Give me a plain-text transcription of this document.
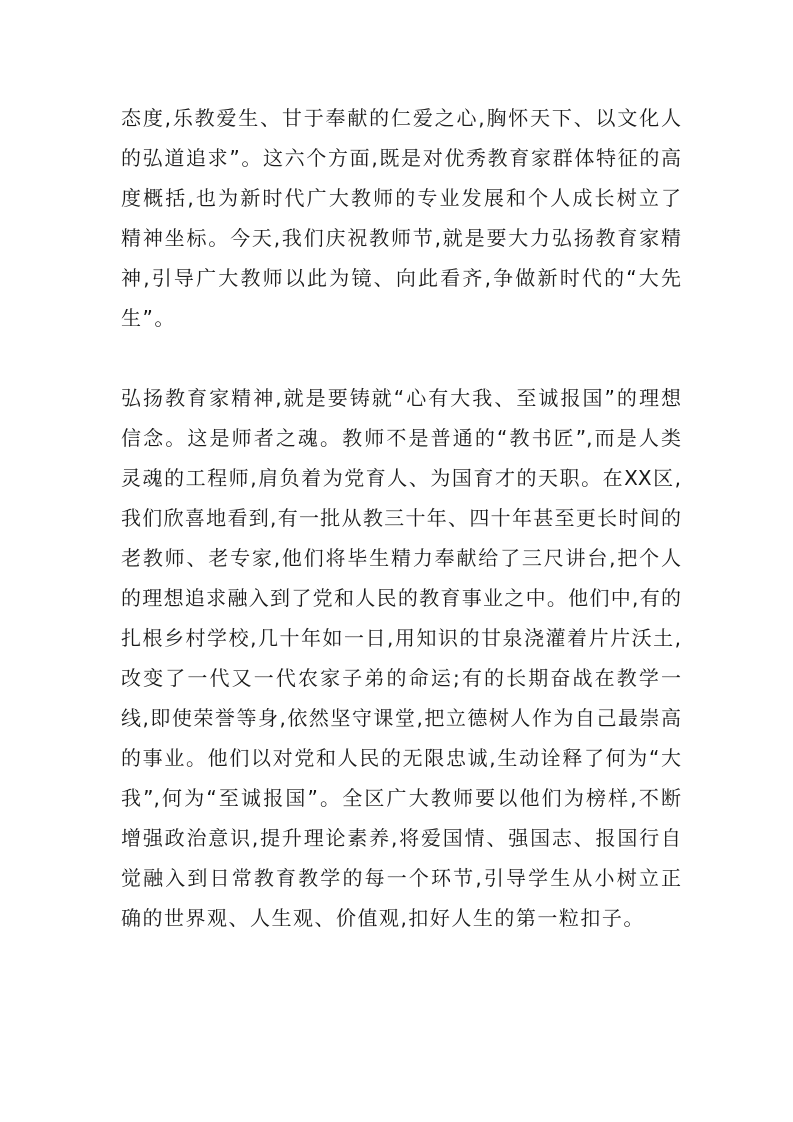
态度,乐教爱生、甘于奉献的仁爱之心,胸怀天下、以文化人
的弘道追求”。这六个方面,既是对优秀教育家群体特征的高
度概括,也为新时代广大教师的专业发展和个人成长树立了
精神坐标。今天,我们庆祝教师节,就是要大力弘扬教育家精
神,引导广大教师以此为镜、向此看齐,争做新时代的“大先
生”。
弘扬教育家精神,就是要铸就“心有大我、至诚报国”的理想
信念。这是师者之魂。教师不是普通的“教书匠”,而是人类
灵魂的工程师,肩负着为党育人、为国育才的天职。在XX区,
我们欣喜地看到,有一批从教三十年、四十年甚至更长时间的
老教师、老专家,他们将毕生精力奉献给了三尺讲台,把个人
的理想追求融入到了党和人民的教育事业之中。他们中,有的
扎根乡村学校,几十年如一日,用知识的甘泉浇灌着片片沃土,
改变了一代又一代农家子弟的命运;有的长期奋战在教学一
线,即使荣誉等身,依然坚守课堂,把立德树人作为自己最崇高
的事业。他们以对党和人民的无限忠诚,生动诠释了何为“大
我”,何为“至诚报国”。全区广大教师要以他们为榜样,不断
增强政治意识,提升理论素养,将爱国情、强国志、报国行自
觉融入到日常教育教学的每一个环节,引导学生从小树立正
确的世界观、人生观、价值观,扣好人生的第一粒扣子。
